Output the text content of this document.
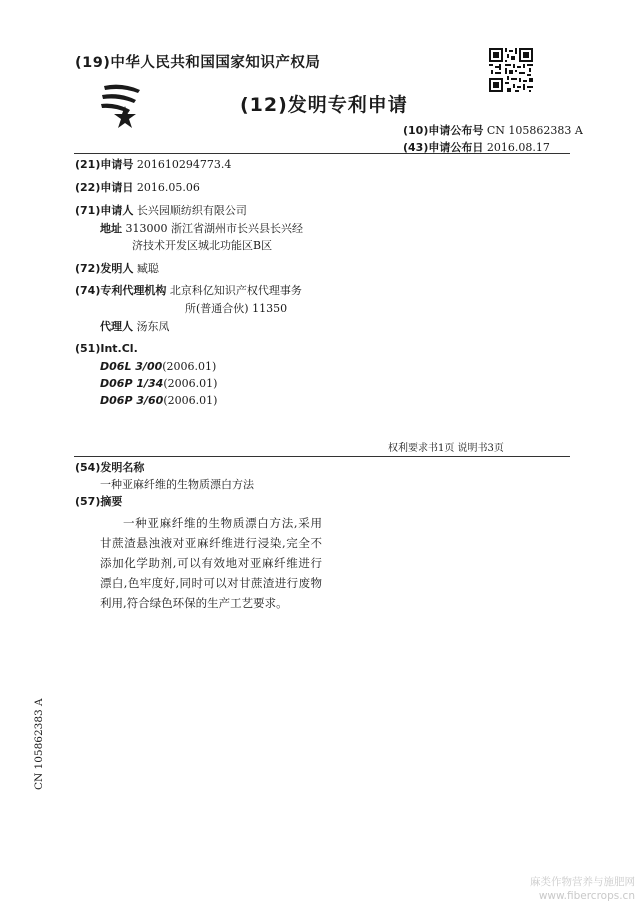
(19)中华人民共和国国家知识产权局
(12)发明专利申请
(10)申请公布号 CN 105862383 A
(43)申请公布日 2016.08.17
(21)申请号 201610294773.4
(22)申请日 2016.05.06
(71)申请人 长兴园顺纺织有限公司
地址 313000 浙江省湖州市长兴县长兴经
济技术开发区城北功能区B区
(72)发明人 臧聪
(74)专利代理机构 北京科亿知识产权代理事务
所(普通合伙) 11350
代理人 汤东凤
(51)Int.Cl.
D06L 3/00(2006.01)
D06P 1/34(2006.01)
D06P 3/60(2006.01)
权利要求书1页 说明书3页
(54)发明名称
一种亚麻纤维的生物质漂白方法
(57)摘要
一种亚麻纤维的生物质漂白方法,采用甘蔗渣悬浊液对亚麻纤维进行浸染,完全不添加化学助剂,可以有效地对亚麻纤维进行漂白,色牢度好,同时可以对甘蔗渣进行废物利用,符合绿色环保的生产工艺要求。
CN 105862383 A
麻类作物营养与施肥网
www.fibercrops.cn
